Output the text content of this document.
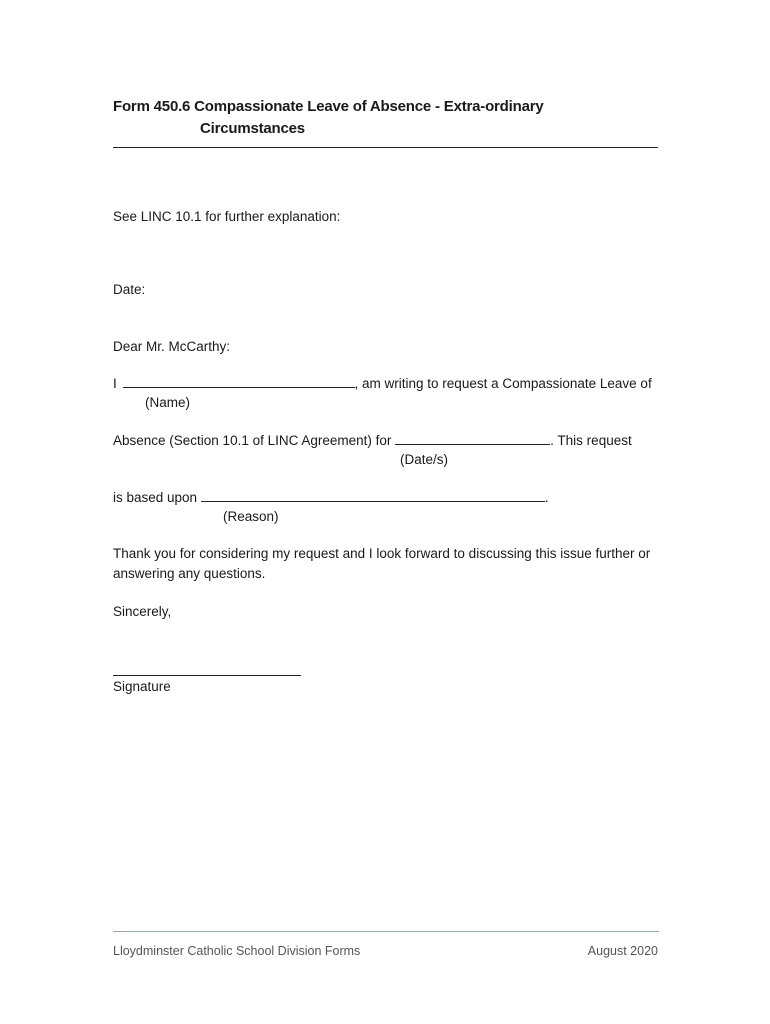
Form 450.6 Compassionate Leave of Absence - Extra-ordinary
Circumstances
See LINC 10.1 for further explanation:
Date:
Dear Mr. McCarthy:
I	, am writing to request a Compassionate Leave of
(Name)
Absence (Section 10.1 of LINC Agreement) for	. This request
(Date/s)
is based upon	.
(Reason)
Thank you for considering my request and I look forward to discussing this issue further or answering any questions.
Sincerely,
Signature
Lloydminster Catholic School Division Forms	August 2020
